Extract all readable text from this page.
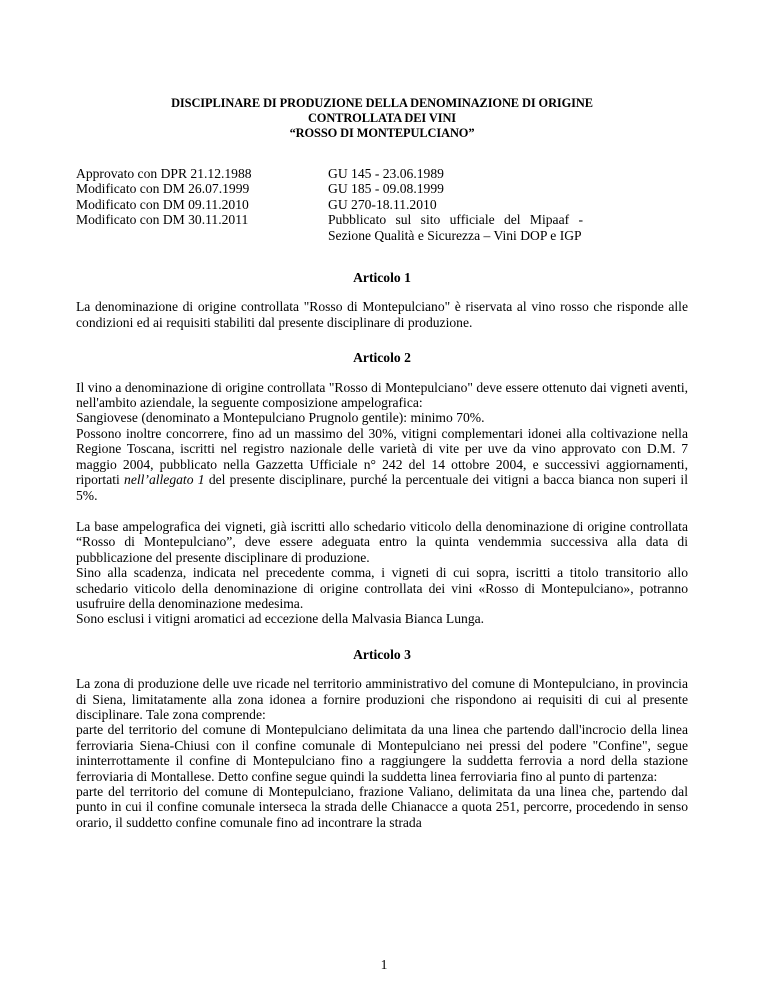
DISCIPLINARE DI PRODUZIONE DELLA DENOMINAZIONE DI ORIGINE
CONTROLLATA DEI VINI
“ROSSO DI MONTEPULCIANO”

Approvato con DPR 21.12.1988
Modificato con DM 26.07.1999
Modificato con DM 09.11.2010
Modificato con DM 30.11.2011
GU 145 - 23.06.1989
GU 185 - 09.08.1999
GU 270-18.11.2010
Pubblicato sul sito ufficiale del Mipaaf - Sezione Qualità e Sicurezza – Vini DOP e IGP
Articolo 1

La denominazione di origine controllata "Rosso di Montepulciano" è riservata al vino rosso che risponde alle condizioni ed ai requisiti stabiliti dal presente disciplinare di produzione.

Articolo 2

Il vino a denominazione di origine controllata "Rosso di Montepulciano" deve essere ottenuto dai vigneti aventi, nell'ambito aziendale, la seguente composizione ampelografica:
Sangiovese (denominato a Montepulciano Prugnolo gentile): minimo 70%.
Possono inoltre concorrere, fino ad un massimo del 30%, vitigni complementari idonei alla coltivazione nella Regione Toscana, iscritti nel registro nazionale delle varietà di vite per uve da vino approvato con D.M. 7 maggio 2004, pubblicato nella Gazzetta Ufficiale n° 242 del 14 ottobre 2004, e successivi aggiornamenti, riportati nell’allegato 1 del presente disciplinare, purché la percentuale dei vitigni a bacca bianca non superi il 5%.

La base ampelografica dei vigneti, già iscritti allo schedario viticolo della denominazione di origine controllata “Rosso di Montepulciano”, deve essere adeguata entro la quinta vendemmia successiva alla data di pubblicazione del presente disciplinare di produzione.
Sino alla scadenza, indicata nel precedente comma, i vigneti di cui sopra, iscritti a titolo transitorio allo schedario viticolo della denominazione di origine controllata dei vini «Rosso di Montepulciano», potranno usufruire della denominazione medesima.
Sono esclusi i vitigni aromatici ad eccezione della Malvasia Bianca Lunga.

Articolo 3

La zona di produzione delle uve ricade nel territorio amministrativo del comune di Montepulciano, in provincia di Siena, limitatamente alla zona idonea a fornire produzioni che rispondono ai requisiti di cui al presente disciplinare. Tale zona comprende:
parte del territorio del comune di Montepulciano delimitata da una linea che partendo dall'incrocio della linea ferroviaria Siena-Chiusi con il confine comunale di Montepulciano nei pressi del podere "Confine", segue ininterrottamente il confine di Montepulciano fino a raggiungere la suddetta ferrovia a nord della stazione ferroviaria di Montallese. Detto confine segue quindi la suddetta linea ferroviaria fino al punto di partenza:
parte del territorio del comune di Montepulciano, frazione Valiano, delimitata da una linea che, partendo dal punto in cui il confine comunale interseca la strada delle Chianacce a quota 251, percorre, procedendo in senso orario, il suddetto confine comunale fino ad incontrare la strada

1
